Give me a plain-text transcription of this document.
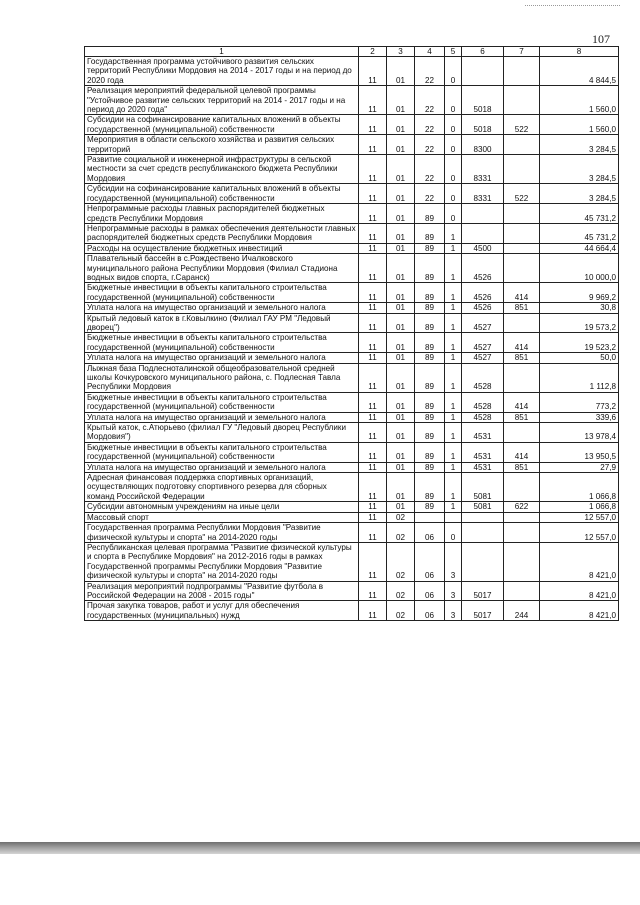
107
1	2	3	4	5	6	7	8
Государственная программа устойчивого развития сельских территорий Республики Мордовия на 2014 - 2017 годы и на период до 2020 года	11	01	22	0			4 844,5
Реализация мероприятий федеральной целевой программы "Устойчивое развитие сельских территорий на 2014 - 2017 годы и на период до 2020 года"	11	01	22	0	5018		1 560,0
Субсидии на софинансирование капитальных вложений в объекты государственной (муниципальной) собственности	11	01	22	0	5018	522	1 560,0
Мероприятия в области сельского хозяйства и развития сельских территорий	11	01	22	0	8300		3 284,5
Развитие социальной и инженерной инфраструктуры в сельской местности за счет средств республиканского бюджета Республики Мордовия	11	01	22	0	8331		3 284,5
Субсидии на софинансирование капитальных вложений в объекты государственной (муниципальной) собственности	11	01	22	0	8331	522	3 284,5
Непрограммные расходы главных распорядителей бюджетных средств Республики Мордовия	11	01	89	0			45 731,2
Непрограммные расходы в рамках обеспечения деятельности главных распорядителей бюджетных средств Республики Мордовия	11	01	89	1			45 731,2
Расходы на осуществление бюджетных инвестиций	11	01	89	1	4500		44 664,4
Плавательный бассейн в с.Рождествено Ичалковского муниципального района Республики Мордовия (Филиал Стадиона водных видов спорта, г.Саранск)	11	01	89	1	4526		10 000,0
Бюджетные инвестиции в объекты капитального строительства государственной (муниципальной) собственности	11	01	89	1	4526	414	9 969,2
Уплата налога на имущество организаций и земельного налога	11	01	89	1	4526	851	30,8
Крытый ледовый каток в г.Ковылкино (Филиал ГАУ РМ "Ледовый дворец")	11	01	89	1	4527		19 573,2
Бюджетные инвестиции в объекты капитального строительства государственной (муниципальной) собственности	11	01	89	1	4527	414	19 523,2
Уплата налога на имущество организаций и земельного налога	11	01	89	1	4527	851	50,0
Лыжная база Подлесноталинской общеобразовательной средней школы Кочкуровского муниципального района, с. Подлесная Тавла Республики Мордовия	11	01	89	1	4528		1 112,8
Бюджетные инвестиции в объекты капитального строительства государственной (муниципальной) собственности	11	01	89	1	4528	414	773,2
Уплата налога на имущество организаций и земельного налога	11	01	89	1	4528	851	339,6
Крытый каток, с.Атюрьево (филиал ГУ "Ледовый дворец Республики Мордовия")	11	01	89	1	4531		13 978,4
Бюджетные инвестиции в объекты капитального строительства государственной (муниципальной) собственности	11	01	89	1	4531	414	13 950,5
Уплата налога на имущество организаций и земельного налога	11	01	89	1	4531	851	27,9
Адресная финансовая поддержка спортивных организаций, осуществляющих подготовку спортивного резерва для сборных команд Российской Федерации	11	01	89	1	5081		1 066,8
Субсидии автономным учреждениям на иные цели	11	01	89	1	5081	622	1 066,8
Массовый спорт	11	02					12 557,0
Государственная программа Республики Мордовия "Развитие физической культуры и спорта" на 2014-2020 годы	11	02	06	0			12 557,0
Республиканская целевая программа "Развитие физической культуры и спорта в Республике Мордовия" на 2012-2016 годы в рамках Государственной программы Республики Мордовия "Развитие физической культуры и спорта" на 2014-2020 годы	11	02	06	3			8 421,0
Реализация мероприятий подпрограммы "Развитие футбола в Российской Федерации на 2008 - 2015 годы"	11	02	06	3	5017		8 421,0
Прочая закупка товаров, работ и услуг для обеспечения государственных (муниципальных) нужд	11	02	06	3	5017	244	8 421,0
